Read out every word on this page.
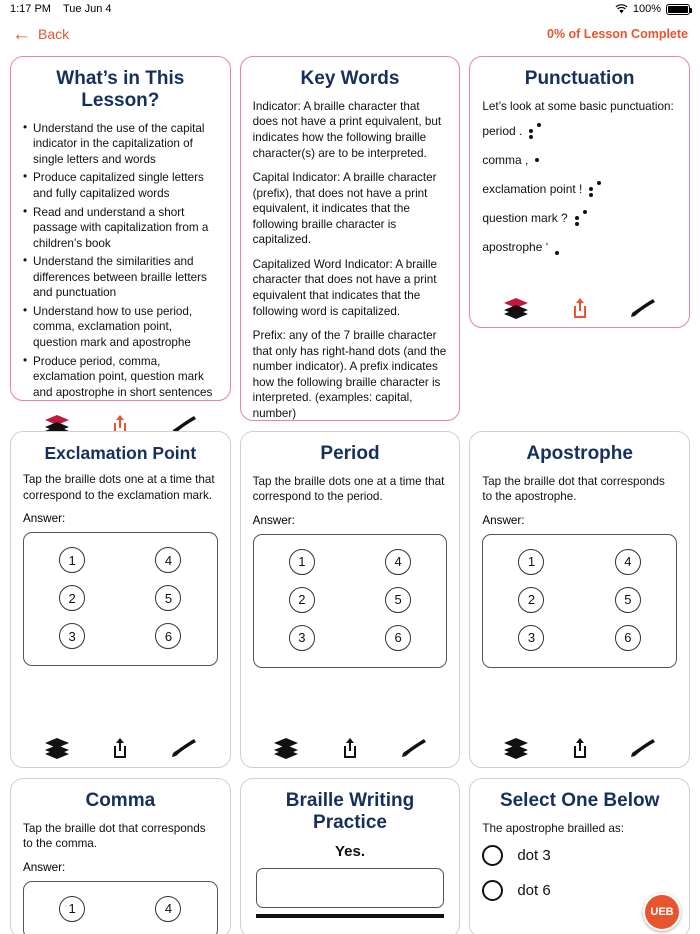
1:17 PM Tue Jun 4	100%
← Back	0% of Lesson Complete
What’s in This Lesson?
• Understand the use of the capital indicator in the capitalization of single letters and words
• Produce capitalized single letters and fully capitalized words
• Read and understand a short passage with capitalization from a children’s book
• Understand the similarities and differences between braille letters and punctuation
• Understand how to use period, comma, exclamation point, question mark and apostrophe
• Produce period, comma, exclamation point, question mark and apostrophe in short sentences
Key Words

Indicator: A braille character that does not have a print equivalent, but indicates how the following braille character(s) are to be interpreted.

Capital Indicator: A braille character (prefix), that does not have a print equivalent, it indicates that the following braille character is capitalized.

Capitalized Word Indicator: A braille character that does not have a print equivalent that indicates that the following word is capitalized.

Prefix: any of the 7 braille character that only has right-hand dots (and the number indicator). A prefix indicates how the following braille character is interpreted. (examples: capital, number)

Punctuation

Let’s look at some basic punctuation:

period .
comma ,
exclamation point !
question mark ?
apostrophe ‘
Exclamation Point

Tap the braille dots one at a time that correspond to the exclamation mark.

Answer:
1	4
2	5
3	6
Period

Tap the braille dots one at a time that correspond to the period.

Answer:
1	4
2	5
3	6
Apostrophe

Tap the braille dot that corresponds to the apostrophe.

Answer:
1	4
2	5
3	6
Comma

Tap the braille dot that corresponds to the comma.

Answer:
1	4
Braille Writing Practice
Yes.
Select One Below

The apostrophe brailled as:

dot 3
dot 6
UEB
